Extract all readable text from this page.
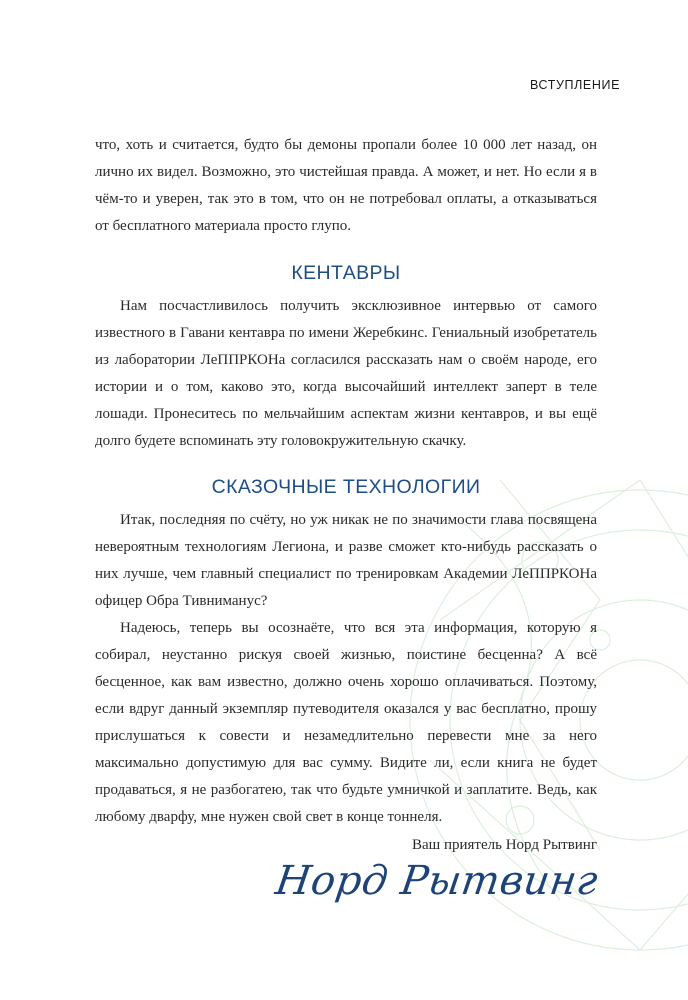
ВСТУПЛЕНИЕ

что, хоть и считается, будто бы демоны пропали более 10 000 лет назад, он лично их видел. Возможно, это чистейшая правда. А может, и нет. Но если я в чём-то и уверен, так это в том, что он не потребовал оплаты, а отказываться от бесплатного материала просто глупо.

КЕНТАВРЫ

Нам посчастливилось получить эксклюзивное интервью от самого известного в Гавани кентавра по имени Жеребкинс. Гениальный изобретатель из лаборатории ЛеППРКОНа согласился рассказать нам о своём народе, его истории и о том, каково это, когда высочайший интеллект заперт в теле лошади. Пронеситесь по мельчайшим аспектам жизни кентавров, и вы ещё долго будете вспоминать эту головокружительную скачку.

СКАЗОЧНЫЕ ТЕХНОЛОГИИ

Итак, последняя по счёту, но уж никак не по значимости глава посвящена невероятным технологиям Легиона, и разве сможет кто-нибудь рассказать о них лучше, чем главный специалист по тренировкам Академии ЛеППРКОНа офицер Обра Тивниманус?

Надеюсь, теперь вы осознаёте, что вся эта информация, которую я собирал, неустанно рискуя своей жизнью, поистине бесценна? А всё бесценное, как вам известно, должно очень хорошо оплачиваться. Поэтому, если вдруг данный экземпляр путеводителя оказался у вас бесплатно, прошу прислушаться к совести и незамедлительно перевести мне за него максимально допустимую для вас сумму. Видите ли, если книга не будет продаваться, я не разбогатею, так что будьте умничкой и заплатите. Ведь, как любому дварфу, мне нужен свой свет в конце тоннеля.

Ваш приятель Норд Рытвинг
Норд Рытвинг
